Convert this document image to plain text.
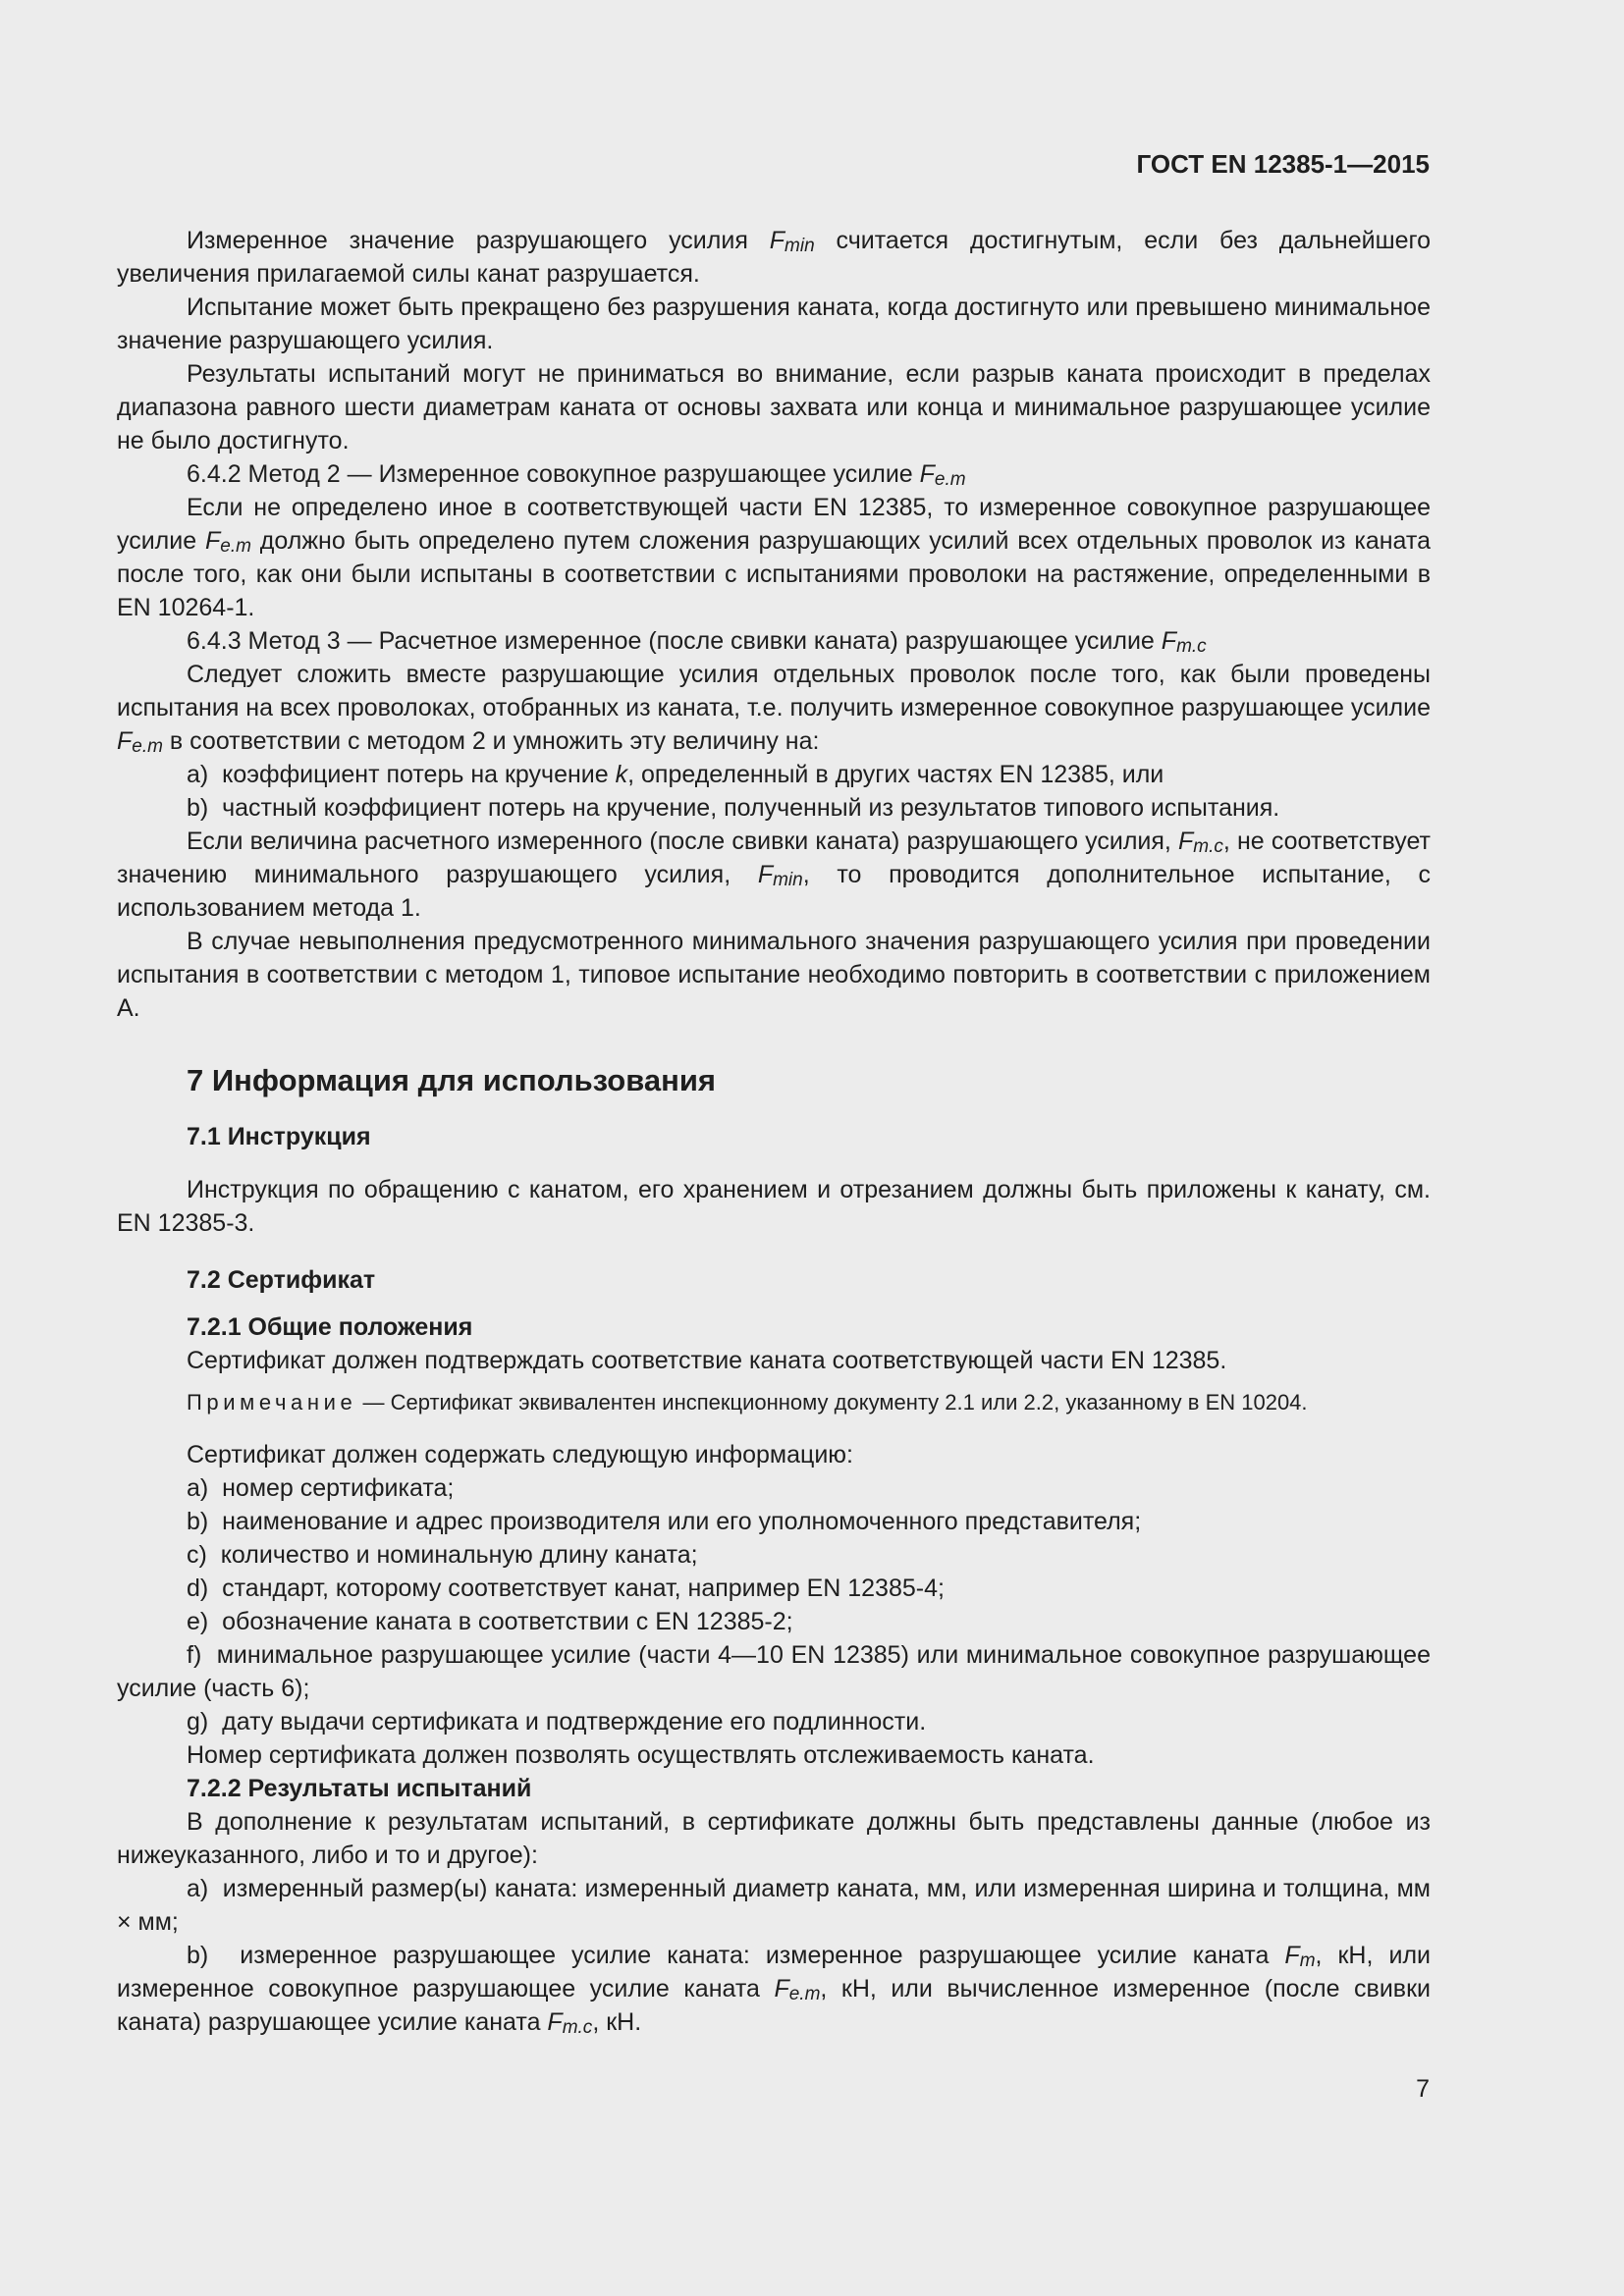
ГОСТ EN 12385-1—2015

Измеренное значение разрушающего усилия $F_{min}$ считается достигнутым, если без дальнейшего увеличения прилагаемой силы канат разрушается.

Испытание может быть прекращено без разрушения каната, когда достигнуто или превышено минимальное значение разрушающего усилия.

Результаты испытаний могут не приниматься во внимание, если разрыв каната происходит в пределах диапазона равного шести диаметрам каната от основы захвата или конца и минимальное разрушающее усилие не было достигнуто.

6.4.2 Метод 2 — Измеренное совокупное разрушающее усилие $F_{e.m}$

Если не определено иное в соответствующей части EN 12385, то измеренное совокупное разрушающее усилие $F_{e.m}$ должно быть определено путем сложения разрушающих усилий всех отдельных проволок из каната после того, как они были испытаны в соответствии с испытаниями проволоки на растяжение, определенными в EN 10264-1.

6.4.3 Метод 3 — Расчетное измеренное (после свивки каната) разрушающее усилие $F_{m.c}$

Следует сложить вместе разрушающие усилия отдельных проволок после того, как были проведены испытания на всех проволоках, отобранных из каната, т.е. получить измеренное совокупное разрушающее усилие $F_{e.m}$ в соответствии с методом 2 и умножить эту величину на:

a)  коэффициент потерь на кручение k, определенный в других частях EN 12385, или

b)  частный коэффициент потерь на кручение, полученный из результатов типового испытания.

Если величина расчетного измеренного (после свивки каната) разрушающего усилия, $F_{m.c}$, не соответствует значению минимального разрушающего усилия, $F_{min}$, то проводится дополнительное испытание, с использованием метода 1.

В случае невыполнения предусмотренного минимального значения разрушающего усилия при проведении испытания в соответствии с методом 1, типовое испытание необходимо повторить в соответствии с приложением А.

7 Информация для использования
7.1 Инструкция

Инструкция по обращению с канатом, его хранением и отрезанием должны быть приложены к канату, см. EN 12385-3.

7.2 Сертификат
7.2.1 Общие положения

Сертификат должен подтверждать соответствие каната соответствующей части EN 12385.

Примечание — Сертификат эквивалентен инспекционному документу 2.1 или 2.2, указанному в EN 10204.

Сертификат должен содержать следующую информацию:

a)  номер сертификата;

b)  наименование и адрес производителя или его уполномоченного представителя;

c)  количество и номинальную длину каната;

d)  стандарт, которому соответствует канат, например EN 12385-4;

e)  обозначение каната в соответствии с EN 12385-2;

f)  минимальное разрушающее усилие (части 4—10 EN 12385) или минимальное совокупное разрушающее усилие (часть 6);

g)  дату выдачи сертификата и подтверждение его подлинности.

Номер сертификата должен позволять осуществлять отслеживаемость каната.

7.2.2 Результаты испытаний

В дополнение к результатам испытаний, в сертификате должны быть представлены данные (любое из нижеуказанного, либо и то и другое):

a)  измеренный размер(ы) каната: измеренный диаметр каната, мм, или измеренная ширина и толщина, мм × мм;

b)  измеренное разрушающее усилие каната: измеренное разрушающее усилие каната $F_m$, кН, или измеренное совокупное разрушающее усилие каната $F_{e.m}$, кН, или вычисленное измеренное (после свивки каната) разрушающее усилие каната $F_{m.c}$, кН.

7
